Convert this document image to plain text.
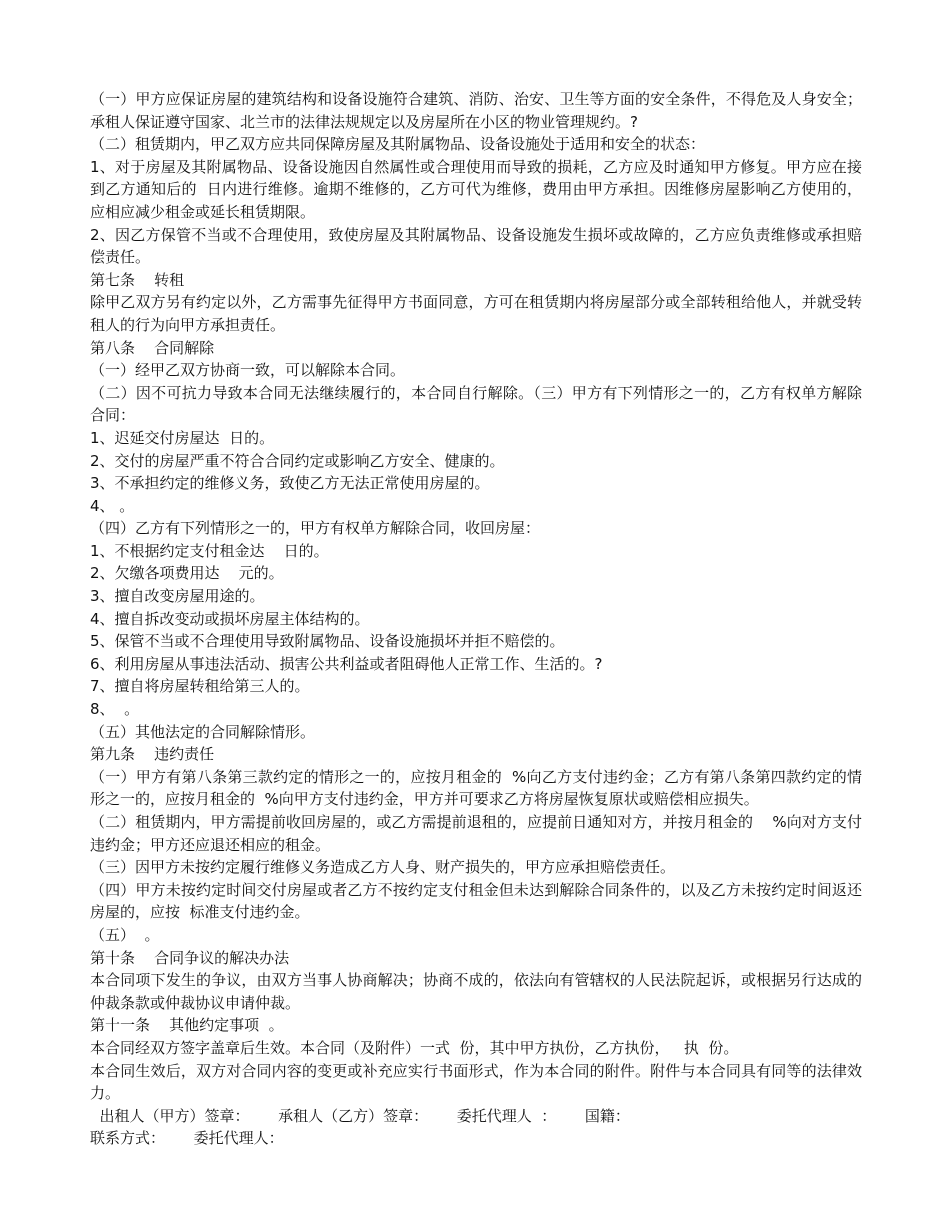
（一）甲方应保证房屋的建筑结构和设备设施符合建筑、消防、治安、卫生等方面的安全条件，不得危及人身安全；承租人保证遵守国家、北兰市的法律法规规定以及房屋所在小区的物业管理规约。?

（二）租赁期内，甲乙双方应共同保障房屋及其附属物品、设备设施处于适用和安全的状态：

1、对于房屋及其附属物品、设备设施因自然属性或合理使用而导致的损耗，乙方应及时通知甲方修复。甲方应在接到乙方通知后的  日内进行维修。逾期不维修的，乙方可代为维修，费用由甲方承担。因维修房屋影响乙方使用的，应相应减少租金或延长租赁期限。

2、因乙方保管不当或不合理使用，致使房屋及其附属物品、设备设施发生损坏或故障的，乙方应负责维修或承担赔偿责任。

第七条    转租

除甲乙双方另有约定以外，乙方需事先征得甲方书面同意，方可在租赁期内将房屋部分或全部转租给他人，并就受转租人的行为向甲方承担责任。

第八条    合同解除

（一）经甲乙双方协商一致，可以解除本合同。

（二）因不可抗力导致本合同无法继续履行的，本合同自行解除。（三）甲方有下列情形之一的，乙方有权单方解除合同：

1、迟延交付房屋达  日的。

2、交付的房屋严重不符合合同约定或影响乙方安全、健康的。

3、不承担约定的维修义务，致使乙方无法正常使用房屋的。

4、 。

（四）乙方有下列情形之一的，甲方有权单方解除合同，收回房屋：

1、不根据约定支付租金达    日的。

2、欠缴各项费用达    元的。

3、擅自改变房屋用途的。

4、擅自拆改变动或损坏房屋主体结构的。

5、保管不当或不合理使用导致附属物品、设备设施损坏并拒不赔偿的。

6、利用房屋从事违法活动、损害公共利益或者阻碍他人正常工作、生活的。?

7、擅自将房屋转租给第三人的。

8、  。

（五）其他法定的合同解除情形。

第九条    违约责任

（一）甲方有第八条第三款约定的情形之一的，应按月租金的  %向乙方支付违约金；乙方有第八条第四款约定的情形之一的，应按月租金的  %向甲方支付违约金，甲方并可要求乙方将房屋恢复原状或赔偿相应损失。

（二）租赁期内，甲方需提前收回房屋的，或乙方需提前退租的，应提前日通知对方，并按月租金的    %向对方支付违约金；甲方还应退还相应的租金。

（三）因甲方未按约定履行维修义务造成乙方人身、财产损失的，甲方应承担赔偿责任。

（四）甲方未按约定时间交付房屋或者乙方不按约定支付租金但未达到解除合同条件的，以及乙方未按约定时间返还房屋的，应按  标准支付违约金。

（五）  。

第十条    合同争议的解决办法

本合同项下发生的争议，由双方当事人协商解决；协商不成的，依法向有管辖权的人民法院起诉，或根据另行达成的仲裁条款或仲裁协议申请仲裁。

第十一条    其他约定事项  。

本合同经双方签字盖章后生效。本合同（及附件）一式  份，其中甲方执份，乙方执份，   执  份。

本合同生效后，双方对合同内容的变更或补充应实行书面形式，作为本合同的附件。附件与本合同具有同等的法律效力。

出租人（甲方）签章：      承租人（乙方）签章：      委托代理人  ：      国籍：

联系方式：      委托代理人：
